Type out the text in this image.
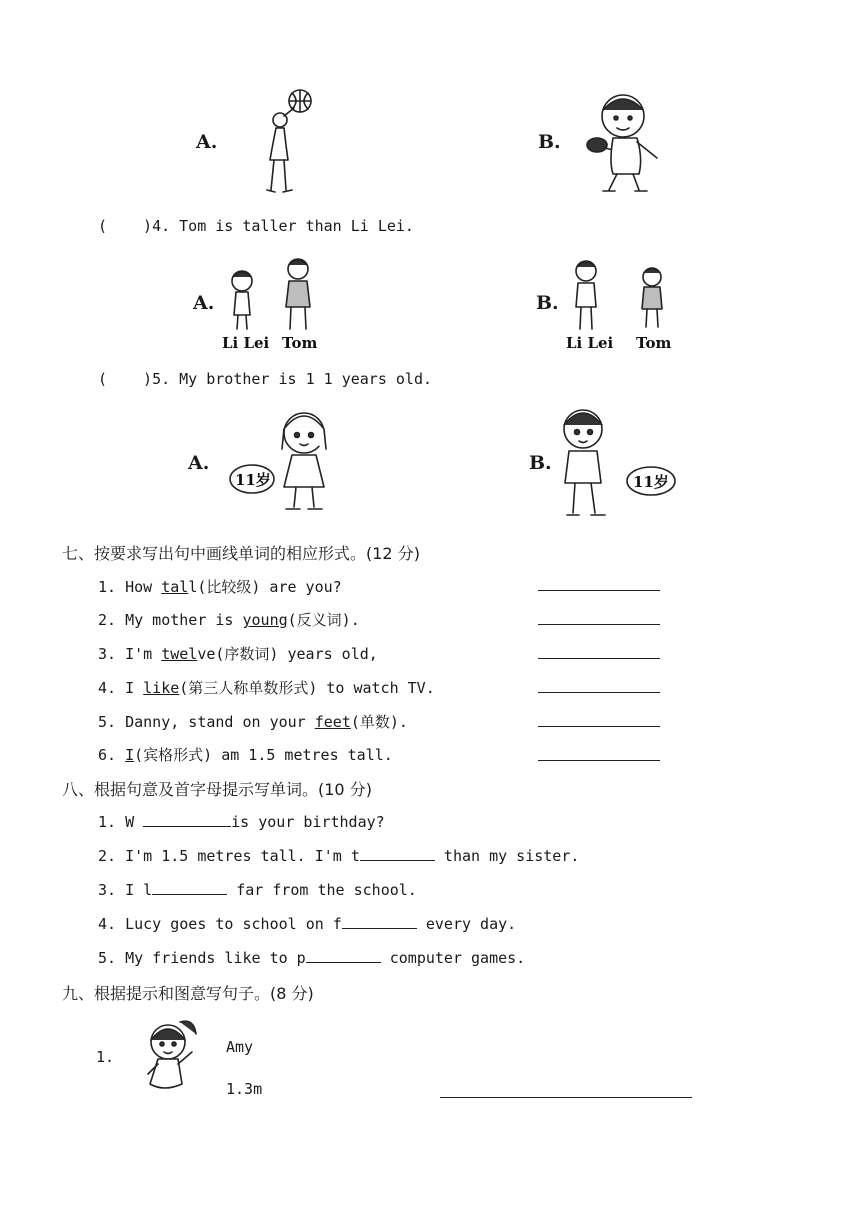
A.	B.
( )4. Tom is taller than Li Lei.
A.
Li Lei Tom
B.
Li Lei Tom
( )5. My brother is 1 1 years old.
A.
11岁
B.
11岁
七、按要求写出句中画线单词的相应形式。(12 分)
1. How tall(比较级) are you?
2. My mother is young(反义词).
3. I'm twelve(序数词) years old,
4. I like(第三人称单数形式) to watch TV.
5. Danny, stand on your feet(单数).
6. I(宾格形式) am 1.5 metres tall.
八、根据句意及首字母提示写单词。(10 分)
1. W	is your birthday?
2. I'm 1.5 metres tall. I'm t	than my sister.
3. I l	far from the school.
4. Lucy goes to school on f	every day.
5. My friends like to p	computer games.
九、根据提示和图意写句子。(8 分)
1.
Amy
1.3m
